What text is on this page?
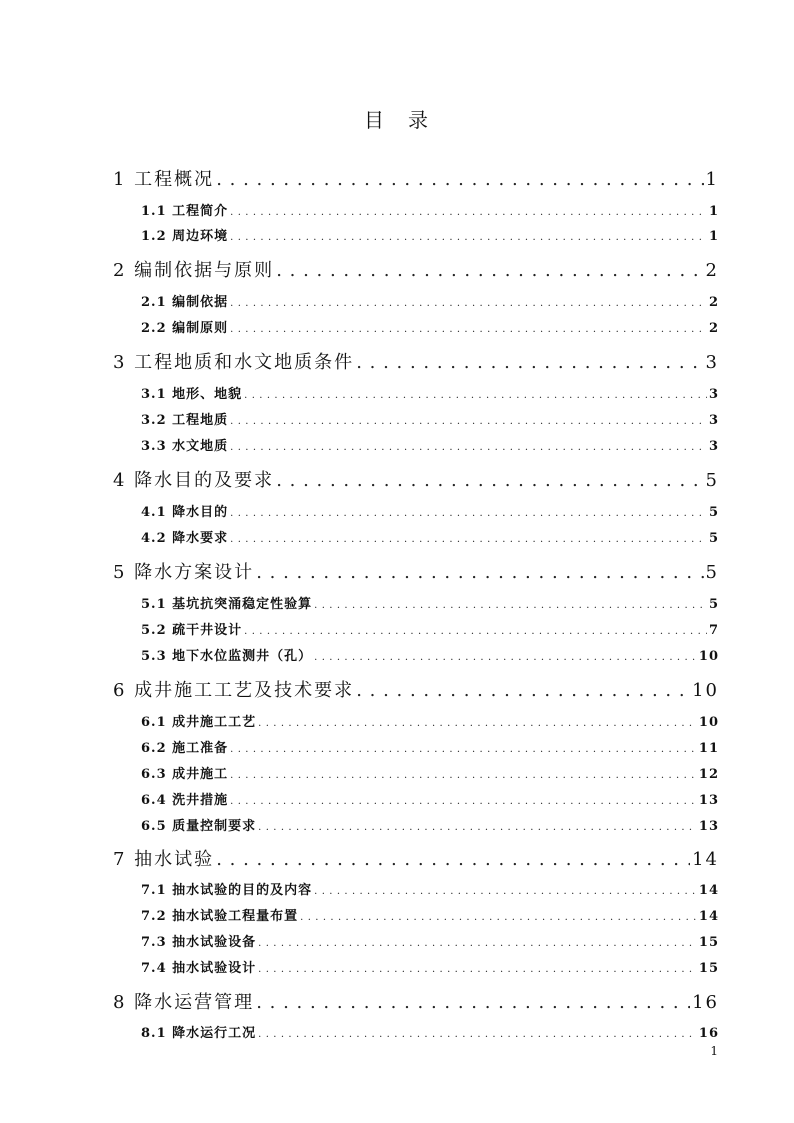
目　录
1 工程概况 . . .	1
1.1 工程简介 . . .	1
1.2 周边环境 . . .	1
2 编制依据与原则 . . .	2
2.1 编制依据 . . .	2
2.2 编制原则 . . .	2
3 工程地质和水文地质条件 . . .	3
3.1 地形、地貌 . . .	3
3.2 工程地质 . . .	3
3.3 水文地质 . . .	3
4 降水目的及要求 . . .	5
4.1 降水目的 . . .	5
4.2 降水要求 . . .	5
5 降水方案设计 . . .	5
5.1 基坑抗突涌稳定性验算 . . .	5
5.2 疏干井设计 . . .	7
5.3 地下水位监测井（孔） . . .	10
6 成井施工工艺及技术要求 . . .	10
6.1 成井施工工艺 . . .	10
6.2 施工准备 . . .	11
6.3 成井施工 . . .	12
6.4 洗井措施 . . .	13
6.5 质量控制要求 . . .	13
7 抽水试验 . . .	14
7.1 抽水试验的目的及内容 . . .	14
7.2 抽水试验工程量布置 . . .	14
7.3 抽水试验设备 . . .	15
7.4 抽水试验设计 . . .	15
8 降水运营管理 . . .	16
8.1 降水运行工况 . . .	16
1
